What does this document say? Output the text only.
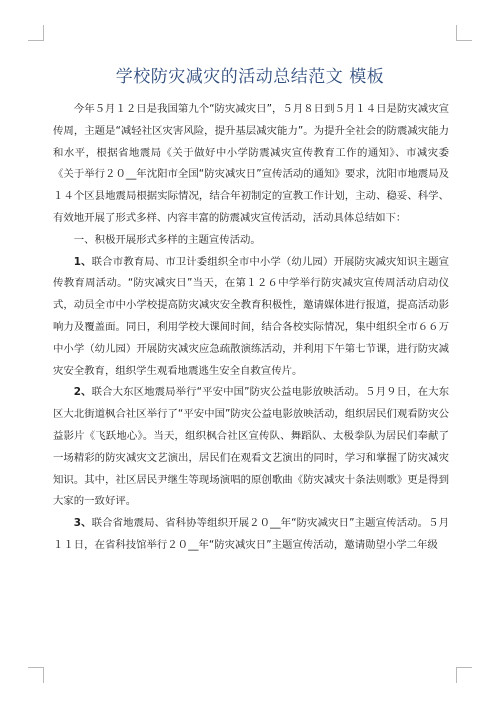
学校防灾减灾的活动总结范文 模板

今年５月１２日是我国第九个“防灾减灾日”，５月８日到５月１４日是防灾减灾宣传周，主题是“减轻社区灾害风险，提升基层减灾能力”。为提升全社会的防震减灾能力和水平，根据省地震局《关于做好中小学防震减灾宣传教育工作的通知》、市减灾委《关于举行２０__年沈阳市全国“防灾减灾日”宣传活动的通知》要求，沈阳市地震局及１４个区县地震局根据实际情况，结合年初制定的宣教工作计划，主动、稳妥、科学、有效地开展了形式多样、内容丰富的防震减灾宣传活动，活动具体总结如下：

一、积极开展形式多样的主题宣传活动。

1、联合市教育局、市卫计委组织全市中小学（幼儿园）开展防灾减灾知识主题宣传教育周活动。“防灾减灾日”当天，在第１２６中学举行防灾减灾宣传周活动启动仪式，动员全市中小学校提高防灾减灾安全教育积极性，邀请媒体进行报道，提高活动影响力及覆盖面。同日，利用学校大课间时间，结合各校实际情况，集中组织全市６６万中小学（幼儿园）开展防灾减灾应急疏散演练活动，并利用下午第七节课，进行防灾减灾安全教育，组织学生观看地震逃生安全自救宣传片。

2、联合大东区地震局举行“平安中国”防灾公益电影放映活动。５月９日，在大东区大北街道枫合社区举行了“平安中国”防灾公益电影放映活动，组织居民们观看防灾公益影片《飞跃地心》。当天，组织枫合社区宣传队、舞蹈队、太极拳队为居民们奉献了一场精彩的防灾减灾文艺演出，居民们在观看文艺演出的同时，学习和掌握了防灾减灾知识。其中，社区居民尹继生等现场演唱的原创歌曲《防灾减灾十条法则歌》更是得到大家的一致好评。

3、联合省地震局、省科协等组织开展２０__年“防灾减灾日”主题宣传活动。５月１１日，在省科技馆举行２０__年“防灾减灾日”主题宣传活动，邀请勋望小学二年级
